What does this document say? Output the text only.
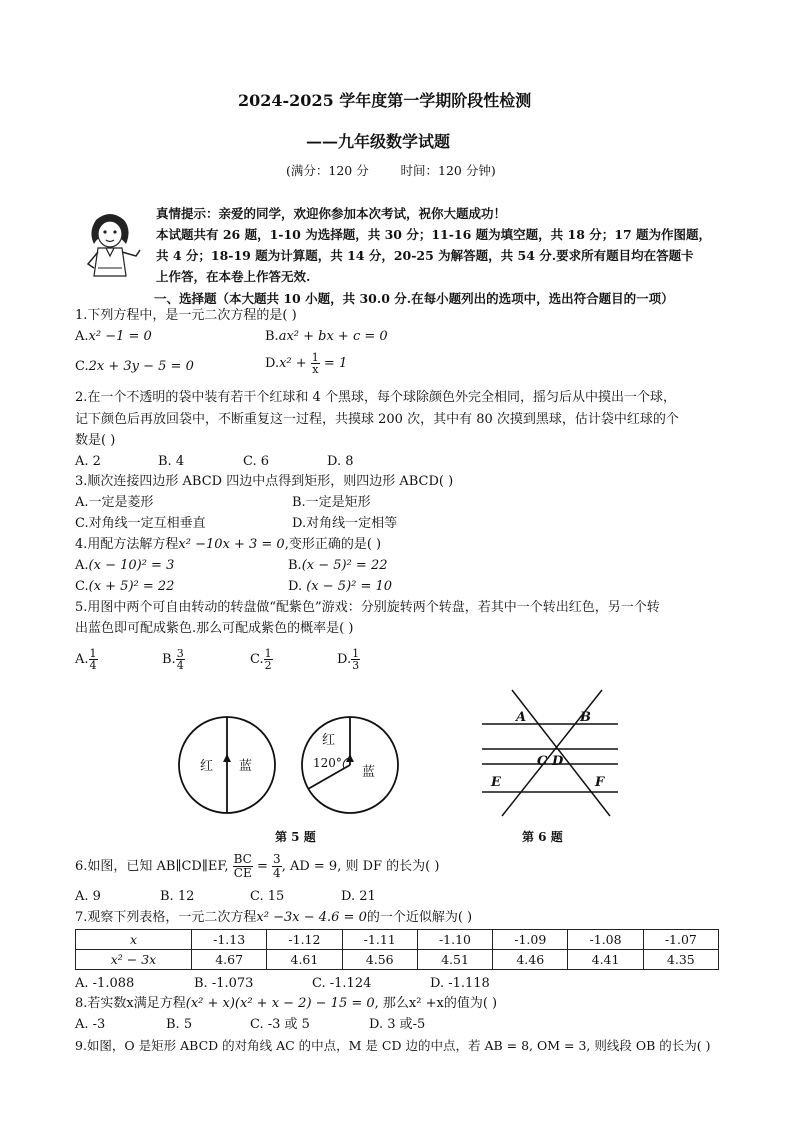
2024-2025 学年度第一学期阶段性检测
——九年级数学试题
(满分：120 分        时间：120 分钟)
真情提示：亲爱的同学，欢迎你参加本次考试，祝你大题成功！
本试题共有 26 题，1-10 为选择题，共 30 分；11-16 题为填空题，共 18 分；17 题为作图题，
共 4 分；18-19 题为计算题，共 14 分，20-25 为解答题，共 54 分.要求所有题目均在答题卡
上作答，在本卷上作答无效.
一、选择题（本大题共 10 小题，共 30.0 分.在每小题列出的选项中，选出符合题目的一项）
1.下列方程中，是一元二次方程的是( )
A.x² −1 = 0	B.ax² + bx + c = 0
C.2x + 3y − 5 = 0	$D.x^2 + \frac{1}{x} = 1$
2.在一个不透明的袋中装有若干个红球和 4 个黑球，每个球除颜色外完全相同，摇匀后从中摸出一个球，
记下颜色后再放回袋中，不断重复这一过程，共摸球 200 次，其中有 80 次摸到黑球，估计袋中红球的个
数是( )
A. 2	B. 4	C. 6	D. 8
3.顺次连接四边形 ABCD 四边中点得到矩形，则四边形 ABCD( )
A.一定是菱形	B.一定是矩形
C.对角线一定互相垂直	D.对角线一定相等
4.用配方法解方程x² −10x + 3 = 0,变形正确的是( )
A.(x − 10)² = 3	B.(x − 5)² = 22
C.(x + 5)² = 22	D. (x − 5)² = 10
5.用图中两个可自由转动的转盘做“配紫色”游戏：分别旋转两个转盘，若其中一个转出红色，另一个转
出蓝色即可配成紫色.那么可配成紫色的概率是( )
A. $\frac{1}{4}$	B. $\frac{3}{4}$	C. $\frac{1}{2}$	D. $\frac{1}{3}$
红 蓝
红
蓝
120°
第 5 题
A	B
C D
E	F
第 6 题
6.如图，已知 AB∥CD∥EF, $\frac{BC}{CE} = \frac{3}{4}$ , AD = 9, 则 DF 的长为( )
A. 9	B. 12	C. 15	D. 21
7.观察下列表格，一元二次方程x² −3x − 4.6 = 0的一个近似解为( )
x	-1.13	-1.12	-1.11	-1.10	-1.09	-1.08	-1.07
x² − 3x	4.67	4.61	4.56	4.51	4.46	4.41	4.35
A. -1.088	B. -1.073	C. -1.124	D. -1.118
8.若实数x满足方程(x² + x)(x² + x − 2) − 15 = 0, 那么x² +x的值为( )
A. -3	B. 5	C. -3 或 5	D. 3 或-5
9.如图，O 是矩形 ABCD 的对角线 AC 的中点，M 是 CD 边的中点，若 AB = 8, OM = 3, 则线段 OB 的长为( )
